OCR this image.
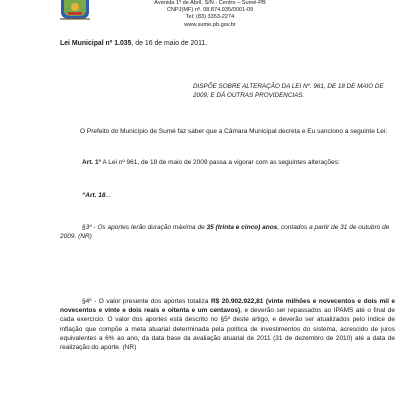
Avenida 1º de Abril, S/N - Centro – Sumé-PB
CNPJ(MF) nº. 08.874.935/0001-09
Tel: (83) 3353-2274
www.sume.pb.gov.br
Lei Municipal nº 1.035, de 16 de maio de 2011.
DISPÕE SOBRE ALTERAÇÃO DA LEI Nº. 961, DE 18 DE MAIO DE 2009, E DÁ OUTRAS PROVIDENCIAS.
O Prefeito do Município de Sumé faz saber que a Câmara Municipal decreta e Eu sanciono a seguinte Lei:
Art. 1º A Lei nº 961, de 18 de maio de 2009 passa a vigorar com as seguintes alterações:
“Art. 18...
§3º - Os aportes terão duração máxima de 35 (trinta e cinco) anos, contados a partir de 31 de outubro de 2009. (NR)
§4º - O valor presente dos aportes totaliza R$ 20.902.922,81 (vinte milhões e novecentos e dois mil e novecentos e vinte e dois reais e oitenta e um centavos), e deverão ser repassados ao IPAMS até o final de cada exercício. O valor dos aportes está descrito no §5º deste artigo, e deverão ser atualizados pelo índice de inflação que compõe a meta atuarial determinada pela política de investimentos do sistema, acrescido de juros equivalentes a 6% ao ano, da data base da avaliação atuarial de 2011 (31 de dezembro de 2010) até a data de realização do aporte. (NR)
